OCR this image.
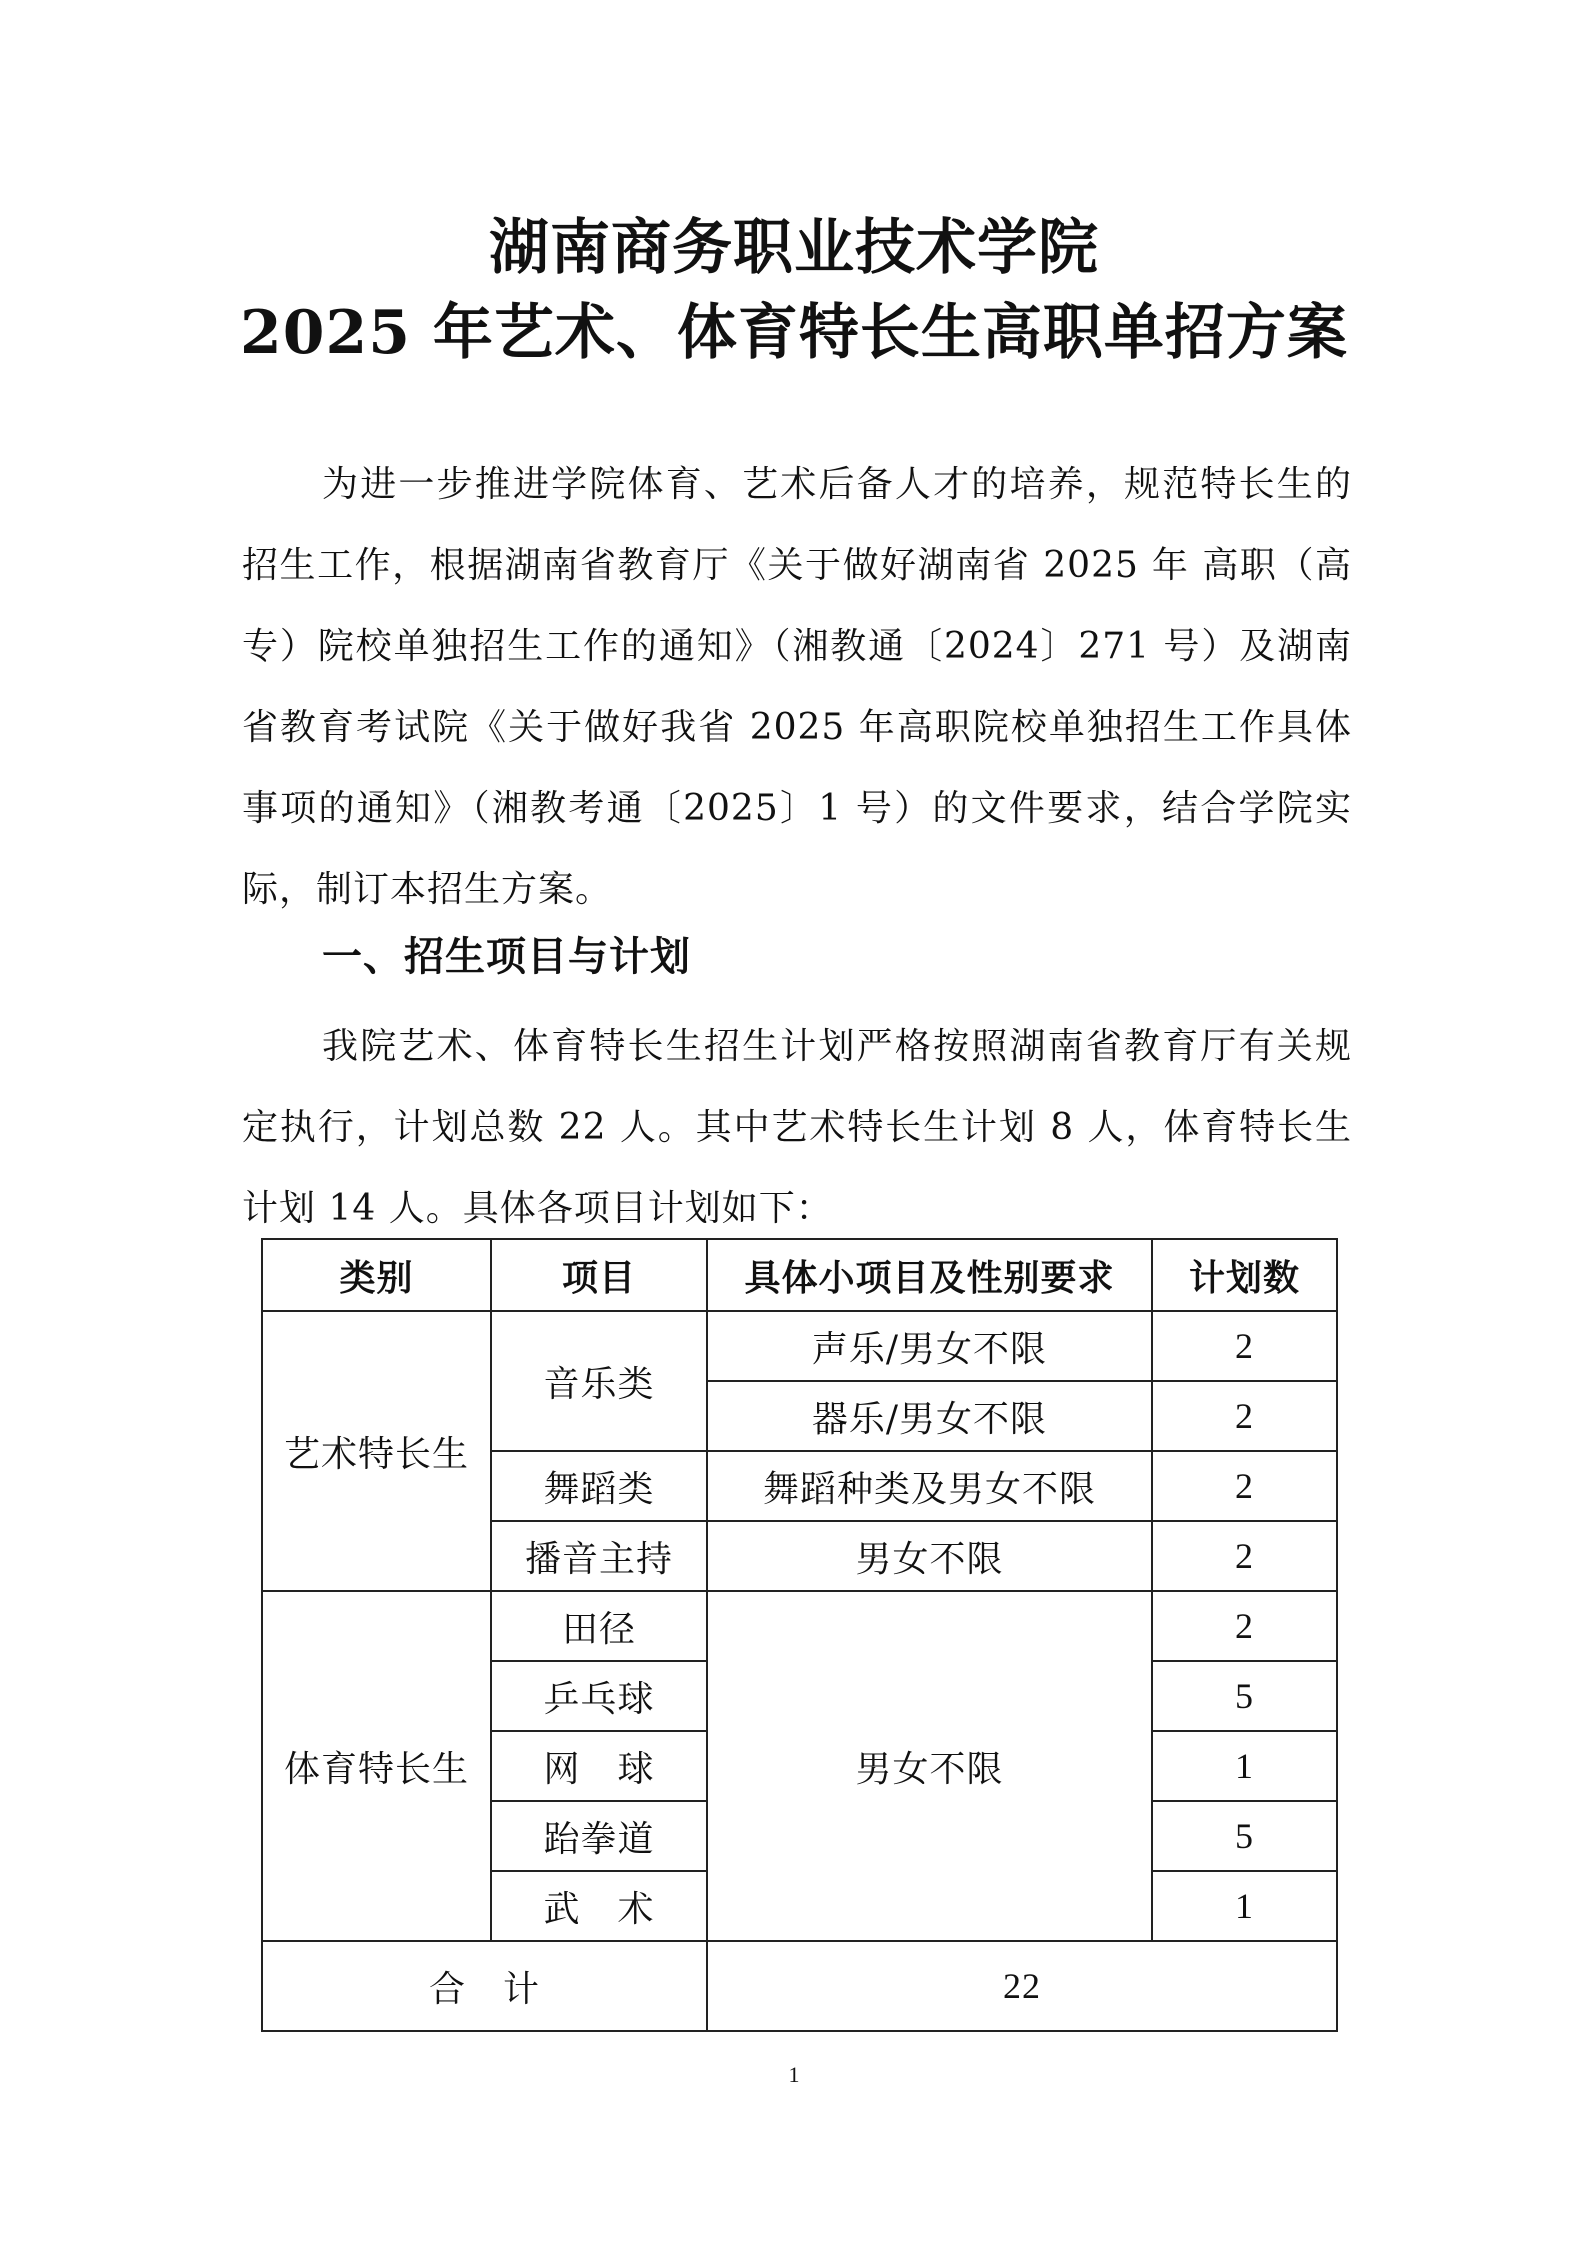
湖南商务职业技术学院
2025 年艺术、体育特长生高职单招方案

为进一步推进学院体育、艺术后备人才的培养，规范特长生的招生工作，根据湖南省教育厅《关于做好湖南省 2025 年 高职（高专）院校单独招生工作的通知》（湘教通〔2024〕271 号）及湖南省教育考试院《关于做好我省 2025 年高职院校单独招生工作具体事项的通知》（湘教考通〔2025〕1 号）的文件要求，结合学院实际，制订本招生方案。

一、招生项目与计划

我院艺术、体育特长生招生计划严格按照湖南省教育厅有关规定执行，计划总数 22 人。其中艺术特长生计划 8 人，体育特长生计划 14 人。具体各项目计划如下：

类别	项目	具体小项目及性别要求	计划数
艺术特长生	音乐类	声乐/男女不限	2
		器乐/男女不限	2
	舞蹈类	舞蹈种类及男女不限	2
	播音主持	男女不限	2
体育特长生	田径	男女不限	2
	乒乓球		5
	网　球		1
	跆拳道		5
	武　术		1
合　计		22	
1
